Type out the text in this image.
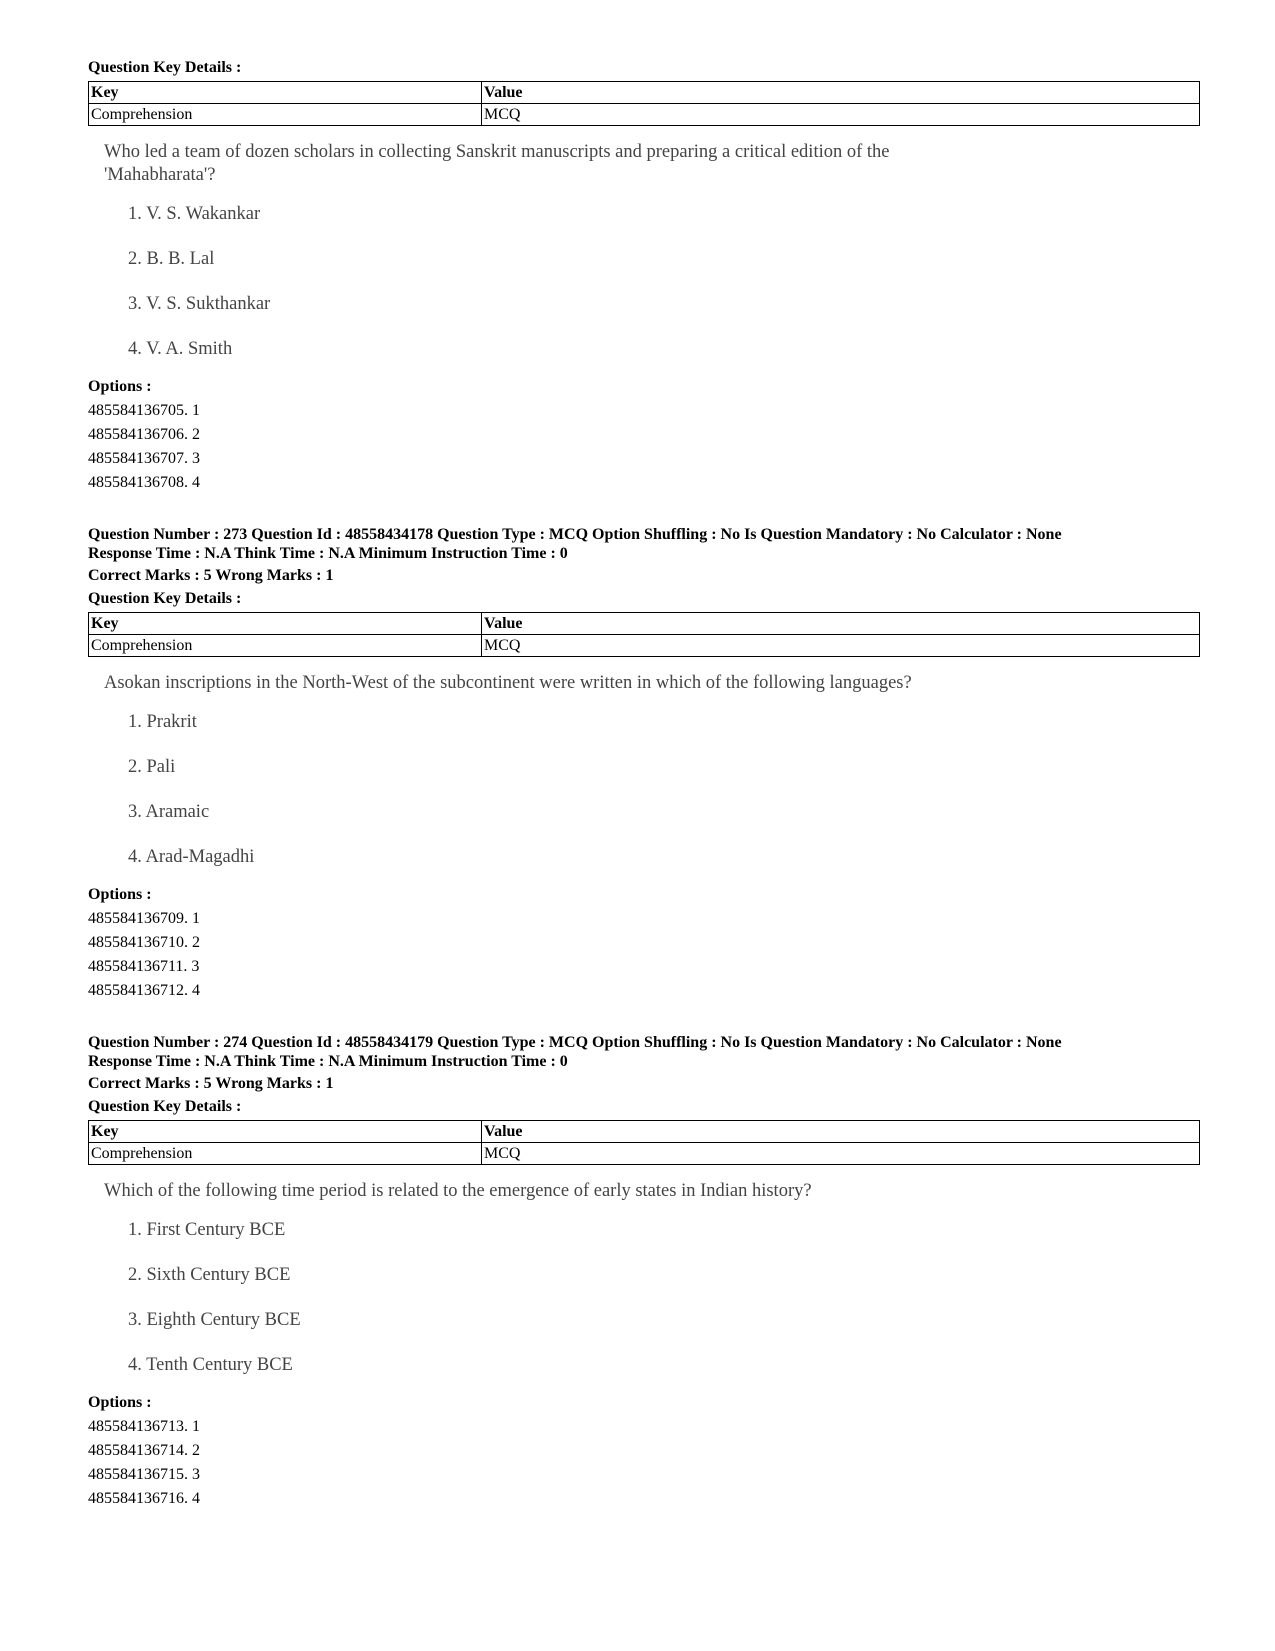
Question Key Details :
Key	Value
Comprehension	MCQ
Who led a team of dozen scholars in collecting Sanskrit manuscripts and preparing a critical edition of the 'Mahabharata'?
1. V. S. Wakankar
2. B. B. Lal
3. V. S. Sukthankar
4. V. A. Smith
Options :
485584136705. 1
485584136706. 2
485584136707. 3
485584136708. 4
Question Number : 273 Question Id : 48558434178 Question Type : MCQ Option Shuffling : No Is Question Mandatory : No Calculator : None
Response Time : N.A Think Time : N.A Minimum Instruction Time : 0
Correct Marks : 5 Wrong Marks : 1
Question Key Details :
Key	Value
Comprehension	MCQ
Asokan inscriptions in the North-West of the subcontinent were written in which of the following languages?
1. Prakrit
2. Pali
3. Aramaic
4. Arad-Magadhi
Options :
485584136709. 1
485584136710. 2
485584136711. 3
485584136712. 4
Question Number : 274 Question Id : 48558434179 Question Type : MCQ Option Shuffling : No Is Question Mandatory : No Calculator : None
Response Time : N.A Think Time : N.A Minimum Instruction Time : 0
Correct Marks : 5 Wrong Marks : 1
Question Key Details :
Key	Value
Comprehension	MCQ
Which of the following time period is related to the emergence of early states in Indian history?
1. First Century BCE
2. Sixth Century BCE
3. Eighth Century BCE
4. Tenth Century BCE
Options :
485584136713. 1
485584136714. 2
485584136715. 3
485584136716. 4
